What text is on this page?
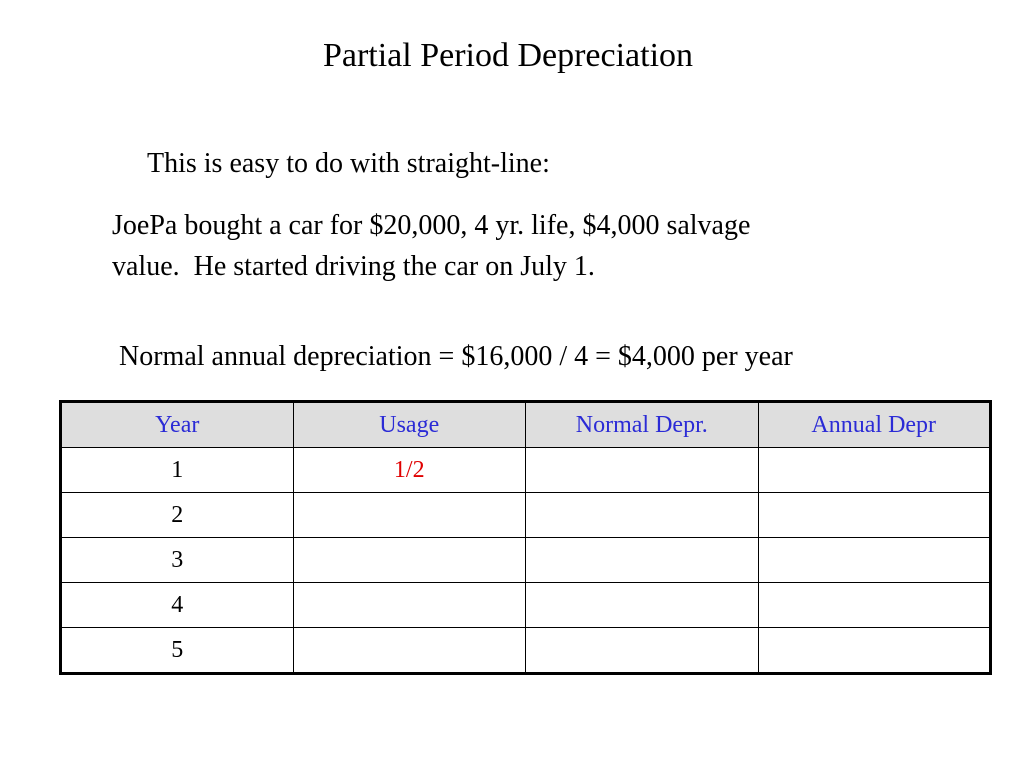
Partial Period Depreciation
This is easy to do with straight-line:
JoePa bought a car for $20,000, 4 yr. life, $4,000 salvage
value.  He started driving the car on July 1.
Normal annual depreciation = $16,000 / 4 = $4,000 per year
Year	Usage	Normal Depr.	Annual Depr
1	1/2		
2			
3			
4			
5			
